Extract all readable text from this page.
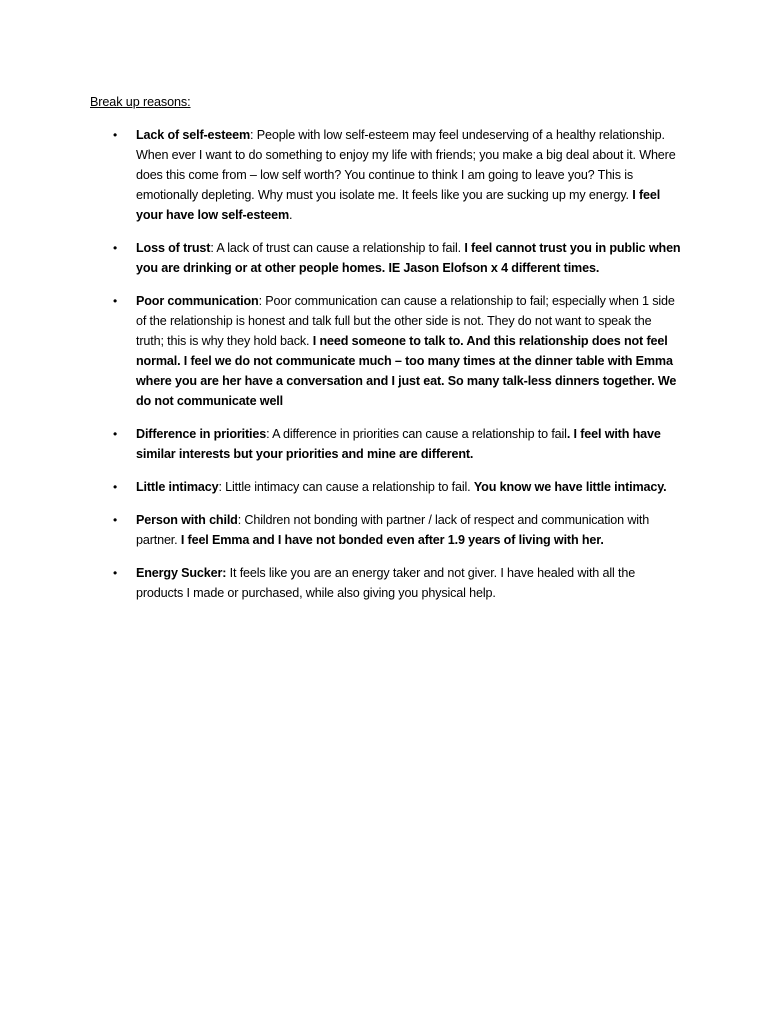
Break up reasons:
• Lack of self-esteem: People with low self-esteem may feel undeserving of a healthy relationship. When ever I want to do something to enjoy my life with friends; you make a big deal about it. Where does this come from – low self worth? You continue to think I am going to leave you? This is emotionally depleting. Why must you isolate me. It feels like you are sucking up my energy. I feel your have low self-esteem.
• Loss of trust: A lack of trust can cause a relationship to fail. I feel cannot trust you in public when you are drinking or at other people homes. IE Jason Elofson x 4 different times.
• Poor communication: Poor communication can cause a relationship to fail; especially when 1 side of the relationship is honest and talk full but the other side is not. They do not want to speak the truth; this is why they hold back. I need someone to talk to. And this relationship does not feel normal. I feel we do not communicate much – too many times at the dinner table with Emma where you are her have a conversation and I just eat. So many talk-less dinners together. We do not communicate well
• Difference in priorities: A difference in priorities can cause a relationship to fail. I feel with have similar interests but your priorities and mine are different.
• Little intimacy: Little intimacy can cause a relationship to fail. You know we have little intimacy.
• Person with child: Children not bonding with partner / lack of respect and communication with partner. I feel Emma and I have not bonded even after 1.9 years of living with her.
• Energy Sucker: It feels like you are an energy taker and not giver. I have healed with all the products I made or purchased, while also giving you physical help.
